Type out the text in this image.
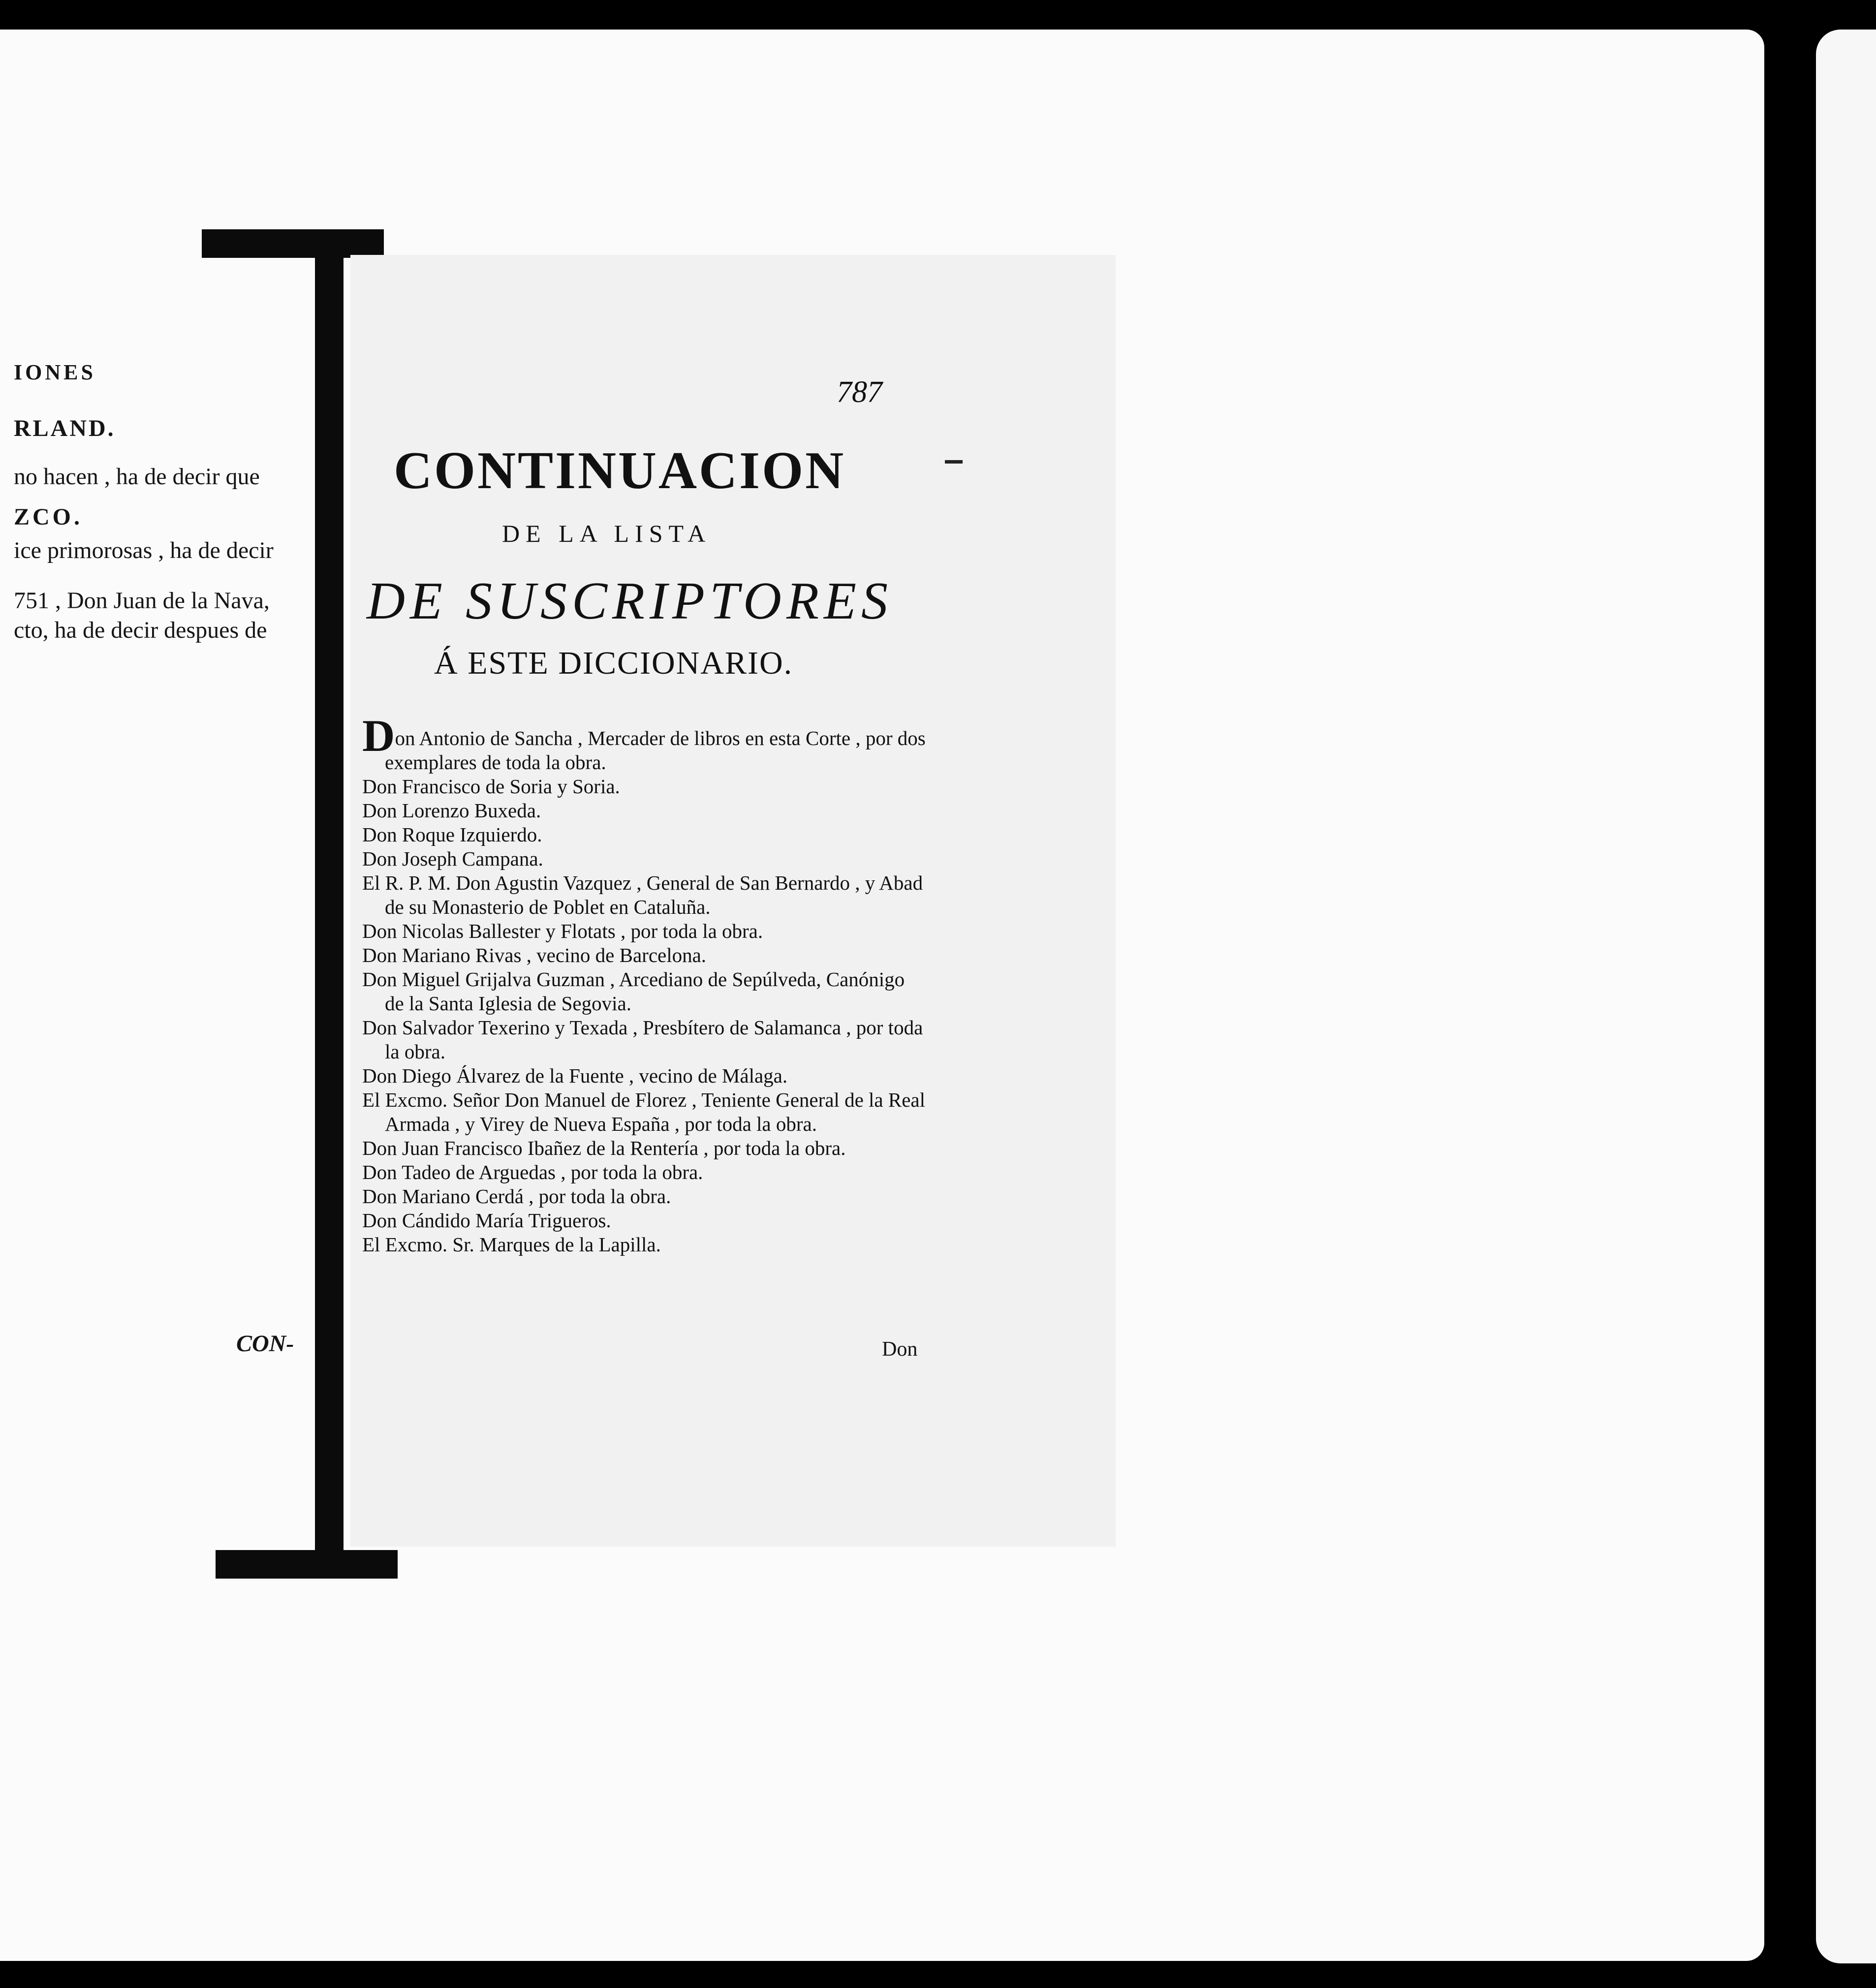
IONES
RLAND.
no hacen , ha de decir que
ZCO.
ice primorosas , ha de decir
751 , Don Juan de la Nava,
cto, ha de decir despues de
CON-
787
CONTINUACION
DE LA LISTA
DE SUSCRIPTORES
Á ESTE DICCIONARIO.

Don Antonio de Sancha , Mercader de libros en esta Corte , por dos exemplares de toda la obra.

Don Francisco de Soria y Soria.

Don Lorenzo Buxeda.

Don Roque Izquierdo.

Don Joseph Campana.

El R. P. M. Don Agustin Vazquez , General de San Bernardo , y Abad de su Monasterio de Poblet en Cataluña.

Don Nicolas Ballester y Flotats , por toda la obra.

Don Mariano Rivas , vecino de Barcelona.

Don Miguel Grijalva Guzman , Arcediano de Sepúlveda, Canónigo de la Santa Iglesia de Segovia.

Don Salvador Texerino y Texada , Presbítero de Salamanca , por toda la obra.

Don Diego Álvarez de la Fuente , vecino de Málaga.

El Excmo. Señor Don Manuel de Florez , Teniente General de la Real Armada , y Virey de Nueva España , por toda la obra.

Don Juan Francisco Ibañez de la Rentería , por toda la obra.

Don Tadeo de Arguedas , por toda la obra.

Don Mariano Cerdá , por toda la obra.

Don Cándido María Trigueros.

El Excmo. Sr. Marques de la Lapilla.

Don
